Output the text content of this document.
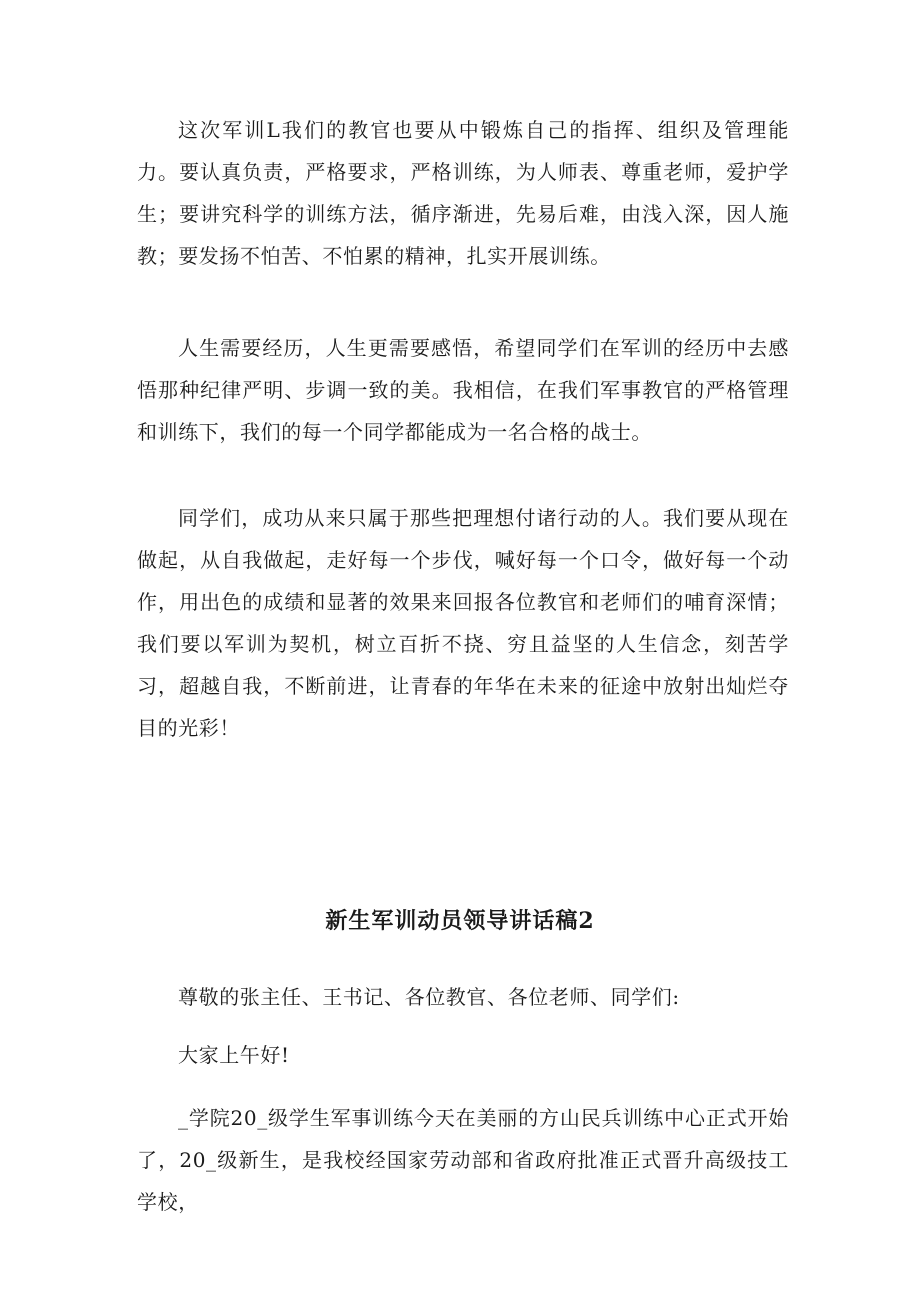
这次军训L我们的教官也要从中锻炼自己的指挥、组织及管理能力。要认真负责，严格要求，严格训练，为人师表、尊重老师，爱护学生；要讲究科学的训练方法，循序渐进，先易后难，由浅入深，因人施教；要发扬不怕苦、不怕累的精神，扎实开展训练。

人生需要经历，人生更需要感悟，希望同学们在军训的经历中去感悟那种纪律严明、步调一致的美。我相信，在我们军事教官的严格管理和训练下，我们的每一个同学都能成为一名合格的战士。

同学们，成功从来只属于那些把理想付诸行动的人。我们要从现在做起，从自我做起，走好每一个步伐，喊好每一个口令，做好每一个动作，用出色的成绩和显著的效果来回报各位教官和老师们的哺育深情；我们要以军训为契机，树立百折不挠、穷且益坚的人生信念，刻苦学习，超越自我，不断前进，让青春的年华在未来的征途中放射出灿烂夺目的光彩！

新生军训动员领导讲话稿2

尊敬的张主任、王书记、各位教官、各位老师、同学们:

大家上午好!

_学院20_级学生军事训练今天在美丽的方山民兵训练中心正式开始了，20_级新生，是我校经国家劳动部和省政府批准正式晋升高级技工学校，
